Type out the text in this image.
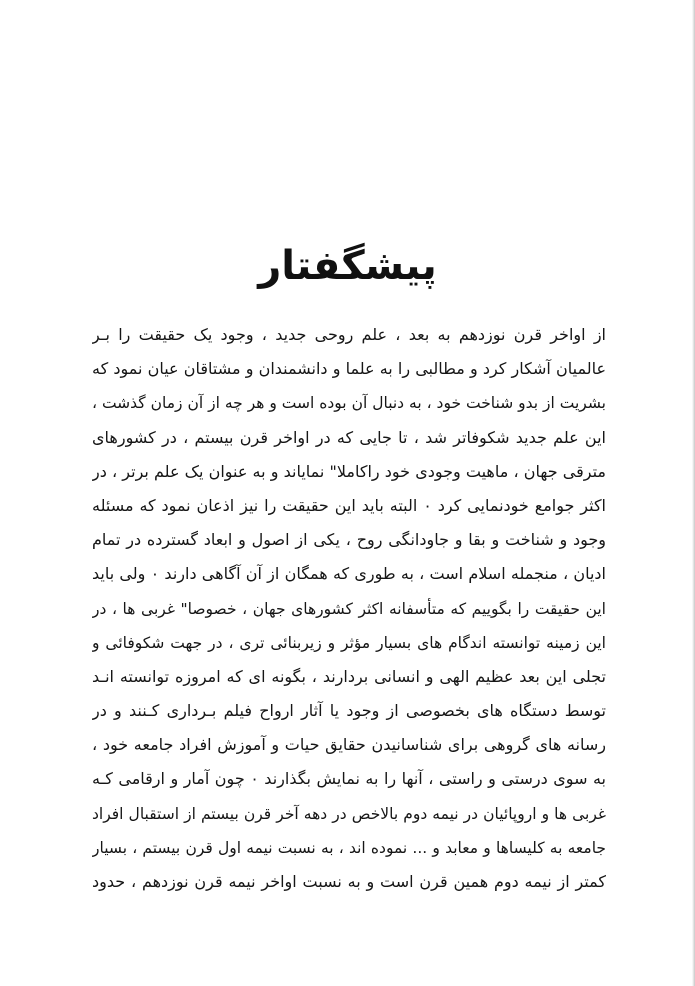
پیشگفتار
از اواخر قرن نوزدهم به بعد ، علم روحی جدید ، وجود یک حقیقت را بـر
عالمیان آشکار کرد و مطالبی را به علما و دانشمندان و مشتاقان عیان نمود که
بشریت از بدو شناخت خود ، به دنبال آن بوده است و هر چه از آن زمان گذشت ،
این علم جدید شکوفاتر شد ، تا جایی که در اواخر قرن بیستم ، در کشورهای
مترقی جهان ، ماهیت وجودی خود راکاملا" نمایاند و به عنوان یک علم برتر ، در
اکثر جوامع خودنمایی کرد ۰ البته باید این حقیقت را نیز اذعان نمود که مسئله
وجود و شناخت و بقا و جاودانگی روح ، یکی از اصول و ابعاد گسترده در تمام
ادیان ، منجمله اسلام است ، به طوری که همگان از آن آگاهی دارند ۰ ولی باید
این حقیقت را بگوییم که متأسفانه اکثر کشورهای جهان ، خصوصا" غربی ها ، در
این زمینه توانسته اندگام های بسیار مؤثر و زیربنائی تری ، در جهت شکوفائی و
تجلی این بعد عظیم الهی و انسانی بردارند ، بگونه ای که امروزه توانسته انـد
توسط دستگاه های بخصوصی از وجود یا آثار ارواح فیلم بـرداری کـنند و در
رسانه های گروهی برای شناسانیدن حقایق حیات و آموزش افراد جامعه خود ،
به سوی درستی و راستی ، آنها را به نمایش بگذارند ۰ چون آمار و ارقامی کـه
غربی ها و اروپائیان در نیمه دوم بالاخص در دهه آخر قرن بیستم از استقبال افراد
جامعه به کلیساها و معابد و ... نموده اند ، به نسبت نیمه اول قرن بیستم ، بسیار
کمتر از نیمه دوم همین قرن است و به نسبت اواخر نیمه قرن نوزدهم ، حدود
